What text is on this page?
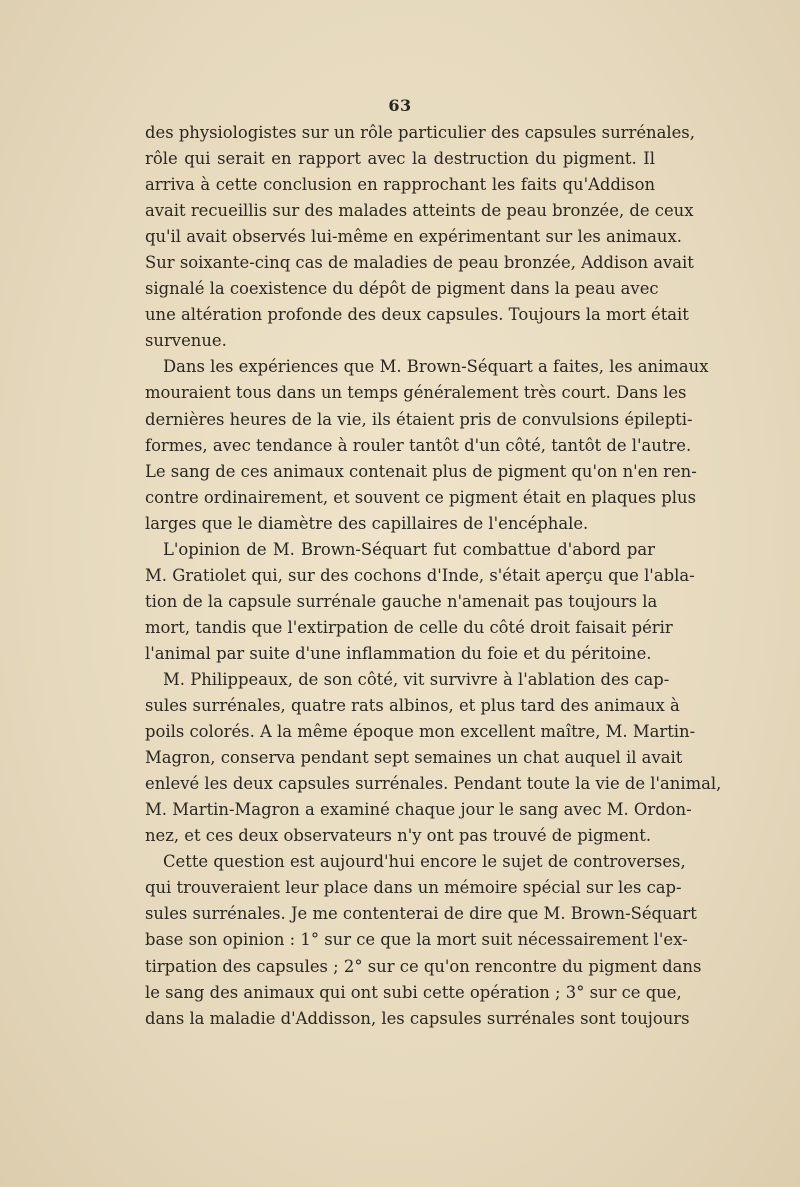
63

des physiologistes sur un rôle particulier des capsules surrénales,
rôle qui serait en rapport avec la destruction du pigment. Il
arriva à cette conclusion en rapprochant les faits qu'Addison
avait recueillis sur des malades atteints de peau bronzée, de ceux
qu'il avait observés lui-même en expérimentant sur les animaux.
Sur soixante-cinq cas de maladies de peau bronzée, Addison avait
signalé la coexistence du dépôt de pigment dans la peau avec
une altération profonde des deux capsules. Toujours la mort était
survenue.

Dans les expériences que M. Brown-Séquart a faites, les animaux
mouraient tous dans un temps généralement très court. Dans les
dernières heures de la vie, ils étaient pris de convulsions épilepti-
formes, avec tendance à rouler tantôt d'un côté, tantôt de l'autre.
Le sang de ces animaux contenait plus de pigment qu'on n'en ren-
contre ordinairement, et souvent ce pigment était en plaques plus
larges que le diamètre des capillaires de l'encéphale.

L'opinion de M. Brown-Séquart fut combattue d'abord par
M. Gratiolet qui, sur des cochons d'Inde, s'était aperçu que l'abla-
tion de la capsule surrénale gauche n'amenait pas toujours la
mort, tandis que l'extirpation de celle du côté droit faisait périr
l'animal par suite d'une inflammation du foie et du péritoine.

M. Philippeaux, de son côté, vit survivre à l'ablation des cap-
sules surrénales, quatre rats albinos, et plus tard des animaux à
poils colorés. A la même époque mon excellent maître, M. Martin-
Magron, conserva pendant sept semaines un chat auquel il avait
enlevé les deux capsules surrénales. Pendant toute la vie de l'animal,
M. Martin-Magron a examiné chaque jour le sang avec M. Ordon-
nez, et ces deux observateurs n'y ont pas trouvé de pigment.

Cette question est aujourd'hui encore le sujet de controverses,
qui trouveraient leur place dans un mémoire spécial sur les cap-
sules surrénales. Je me contenterai de dire que M. Brown-Séquart
base son opinion : 1° sur ce que la mort suit nécessairement l'ex-
tirpation des capsules ; 2° sur ce qu'on rencontre du pigment dans
le sang des animaux qui ont subi cette opération ; 3° sur ce que,
dans la maladie d'Addisson, les capsules surrénales sont toujours
